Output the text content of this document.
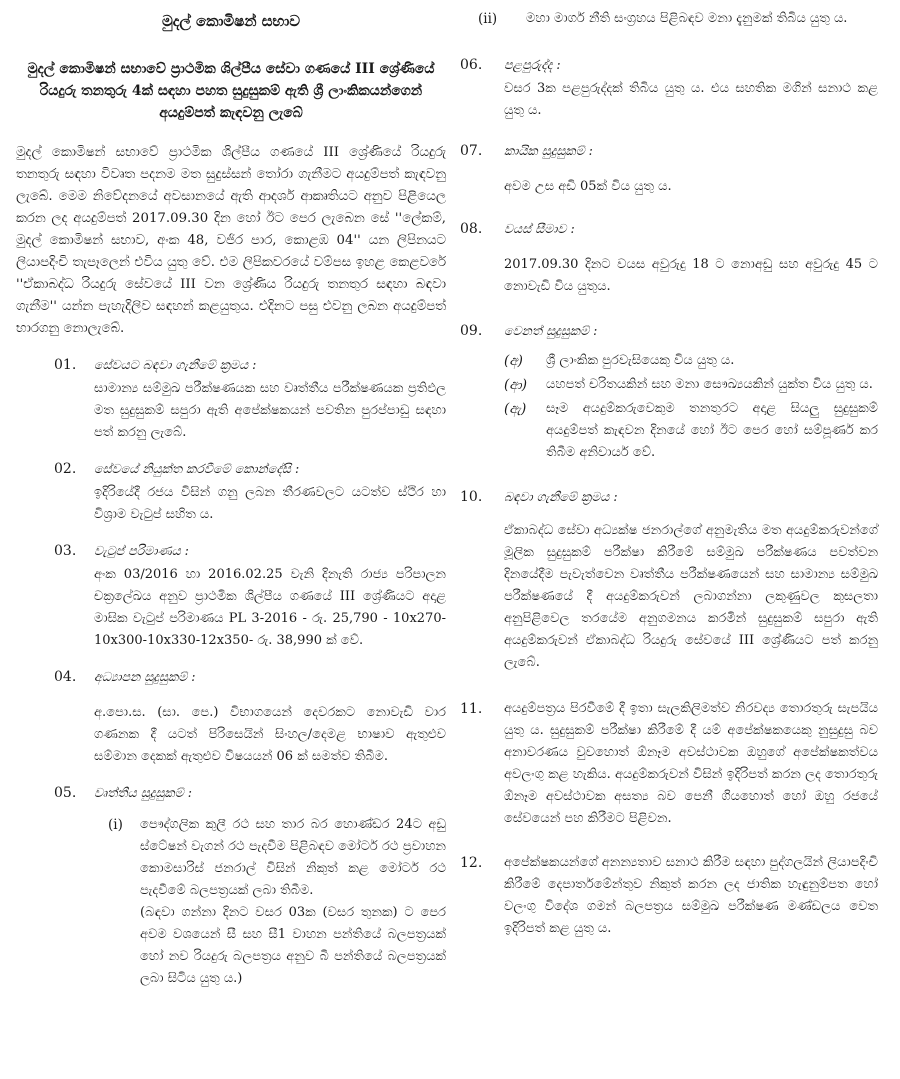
මුදල් කොමිෂන් සභාව
මුදල් කොමිෂන් සභාවේ ප්‍රාථමික ශිල්පීය සේවා ගණයේ III ශ්‍රේණියේ රියදුරු තනතුරු 4ක් සඳහා පහත සුදුසුකම් ඇති ශ්‍රී ලාංකිකයන්ගෙන් අයදුම්පත් කැඳවනු ලැබේ
මුදල් කොමිෂන් සභාවේ ප්‍රාථමික ශිල්පීය ගණයේ III ශ්‍රේණියේ රියදුරු තනතුරු සඳහා විවෘත පදනම මත සුදුස්සන් තෝරා ගැනීමට අයදුම්පත් කැඳවනු ලැබේ. මෙම නිවේදනයේ අවසානයේ ඇති ආදර්ශ ආකෘතියට අනුව පිළියෙල කරන ලද අයදුම්පත් 2017.09.30 දින හෝ ඊට පෙර ලැබෙන සේ ''ලේකම්, මුදල් කොමිෂන් සභාව, අංක 48, වජිර පාර, කොළඹ 04'' යන ලිපිනයට ලියාපදිංචි තැපෑලෙන් එවිය යුතු වේ. එම ලිපිකවරයේ වම්පස ඉහළ කෙළවරේ ''ඒකාබද්ධ රියදුරු සේවයේ III වන ශ්‍රේණිය රියදුරු තනතුර සඳහා බඳවා ගැනීම'' යන්න පැහැදිලිව සඳහන් කළයුතුය. එදිනට පසු එවනු ලබන අයදුම්පත් භාරගනු නොලැබේ.
01.	සේවයට බඳවා ගැනීමේ ක්‍රමය :
සාමාන්‍ය සම්මුඛ පරීක්ෂණයක සහ වෘත්තීය පරීක්ෂණයක ප්‍රතිඵල මත සුදුසුකම් සපුරා ඇති අපේක්ෂකයන් පවතින පුරප්පාඩු සඳහා පත් කරනු ලැබේ.
02.	සේවයේ නියුක්ත කරවීමේ කොන්දේසි :
ඉදිරියේදී රජය විසින් ගනු ලබන තීරණවලට යටත්ව ස්ථිර හා විශ්‍රාම වැටුප් සහිත ය.
03.	වැටුප් පරිමාණය :
අංක 03/2016 හා 2016.02.25 වැනි දිනැති රාජ්‍ය පරිපාලන චක්‍රලේඛය අනුව ප්‍රාථමික ශිල්පීය ගණයේ III ශ්‍රේණියට අදාළ මාසික වැටුප් පරිමාණය PL 3-2016 - රු. 25,790 - 10x270-10x300-10x330-12x350- රු. 38,990 ක් වේ.
04.	අධ්‍යාපන සුදුසුකම් :
අ.පො.ස. (සා. පෙ.) විභාගයෙන් දෙවරකට නොවැඩි වාර ගණනක දී යටත් පිරිසෙයින් සිංහල/දෙමළ භාෂාව ඇතුළුව සම්මාන දෙකක් ඇතුළුව විෂයයන් 06 ක් සමත්ව තිබීම.
05.	වෘත්තීය සුදුසුකම් :
(i)	පෞද්ගලික කුලී රථ සහ තාර බර හොණ්ඩර 24ට අඩු ස්ටේෂන් වැගන් රථ පැදවීම පිළිබඳව මෝටර් රථ ප්‍රවාහන කොමසාරිස් ජනරාල් විසින් නිකුත් කළ මෝටර් රථ පැදවීමේ බලපත්‍රයක් ලබා තිබීම.
(බඳවා ගන්නා දිනට වසර 03ක (වසර තුනක) ට පෙර අවම වශයෙන් සී සහ සී1 වාහන පන්තියේ බලපත්‍රයක් හෝ නව රියදුරු බලපත්‍රය අනුව බී පන්තියේ බලපත්‍රයක් ලබා සිටිය යුතු ය.)
(ii)	මහා මාර්ග නීති සංග්‍රහය පිළිබඳව මනා දැනුමක් තිබිය යුතු ය.
06.	පළපුරුද්ද :
වසර 3ක පළපුරුද්දක් තිබිය යුතු ය. එය සහතික මගින් සනාථ කළ යුතු ය.
07.	කායික සුදුසුකම් :
අවම උස අඩි 05ක් විය යුතු ය.
08.	වයස් සීමාව :
2017.09.30 දිනට වයස අවුරුදු 18 ට නොඅඩු සහ අවුරුදු 45 ට නොවැඩි විය යුතුය.
09.	වෙනත් සුදුසුකම් :
(අ)	ශ්‍රී ලාංකික පුරවැසියෙකු විය යුතු ය.
(ආ)	යහපත් චරිතයකින් සහ මනා සෞඛ්‍යයකින් යුක්ත විය යුතු ය.
(ඇ)	සෑම අයදුම්කරුවෙකුම තනතුරට අදාළ සියලු සුදුසුකම් අයදුම්පත් කැඳවන දිනයේ හෝ ඊට පෙර හෝ සම්පූර්ණ කර තිබීම අනිවාර්ය වේ.
10.	බඳවා ගැනීමේ ක්‍රමය :
ඒකාබද්ධ සේවා අධ්‍යක්ෂ ජනරාල්ගේ අනුමැතිය මත අයදුම්කරුවන්ගේ මූලික සුදුසුකම් පරීක්ෂා කිරීමේ සම්මුඛ පරීක්ෂණය පවත්වන දිනයේදීම පැවැත්වෙන වෘත්තීය පරීක්ෂණයෙන් සහ සාමාන්‍ය සම්මුඛ පරීක්ෂණයේ දී අයදුම්කරුවන් ලබාගන්නා ලකුණුවල කුසලතා අනුපිළිවෙල තරයේම අනුගමනය කරමින් සුදුසුකම් සපුරා ඇති අයදුම්කරුවන් ඒකාබද්ධ රියදුරු සේවයේ III ශ්‍රේණියට පත් කරනු ලැබේ.
11.	අයදුම්පත්‍රය පිරවීමේ දී ඉතා සැලකිලිමත්ව නිරවද්‍ය තොරතුරු සැපයිය යුතු ය. සුදුසුකම් පරීක්ෂා කිරීමේ දී යම් අපේක්ෂකයෙකු නුසුදුසු බව අනාවරණය වුවහොත් ඕනෑම අවස්ථාවක ඔහුගේ අපේක්ෂකත්වය අවලංගු කළ හැකිය. අයදුම්කරුවන් විසින් ඉදිරිපත් කරන ලද තොරතුරු ඕනෑම අවස්ථාවක අසත්‍ය බව පෙනී ගියහොත් හෝ ඔහු රජයේ සේවයෙන් පහ කිරීමට පිළිවන.
12.	අපේක්ෂකයන්ගේ අනන්‍යතාව සනාථ කිරීම සඳහා පුද්ගලයින් ලියාපදිංචි කිරීමේ දෙපාර්තමේන්තුව නිකුත් කරන ලද ජාතික හැඳුනුම්පත හෝ වලංගු විදේශ ගමන් බලපත්‍රය සම්මුඛ පරීක්ෂණ මණ්ඩලය වෙත ඉදිරිපත් කළ යුතු ය.
